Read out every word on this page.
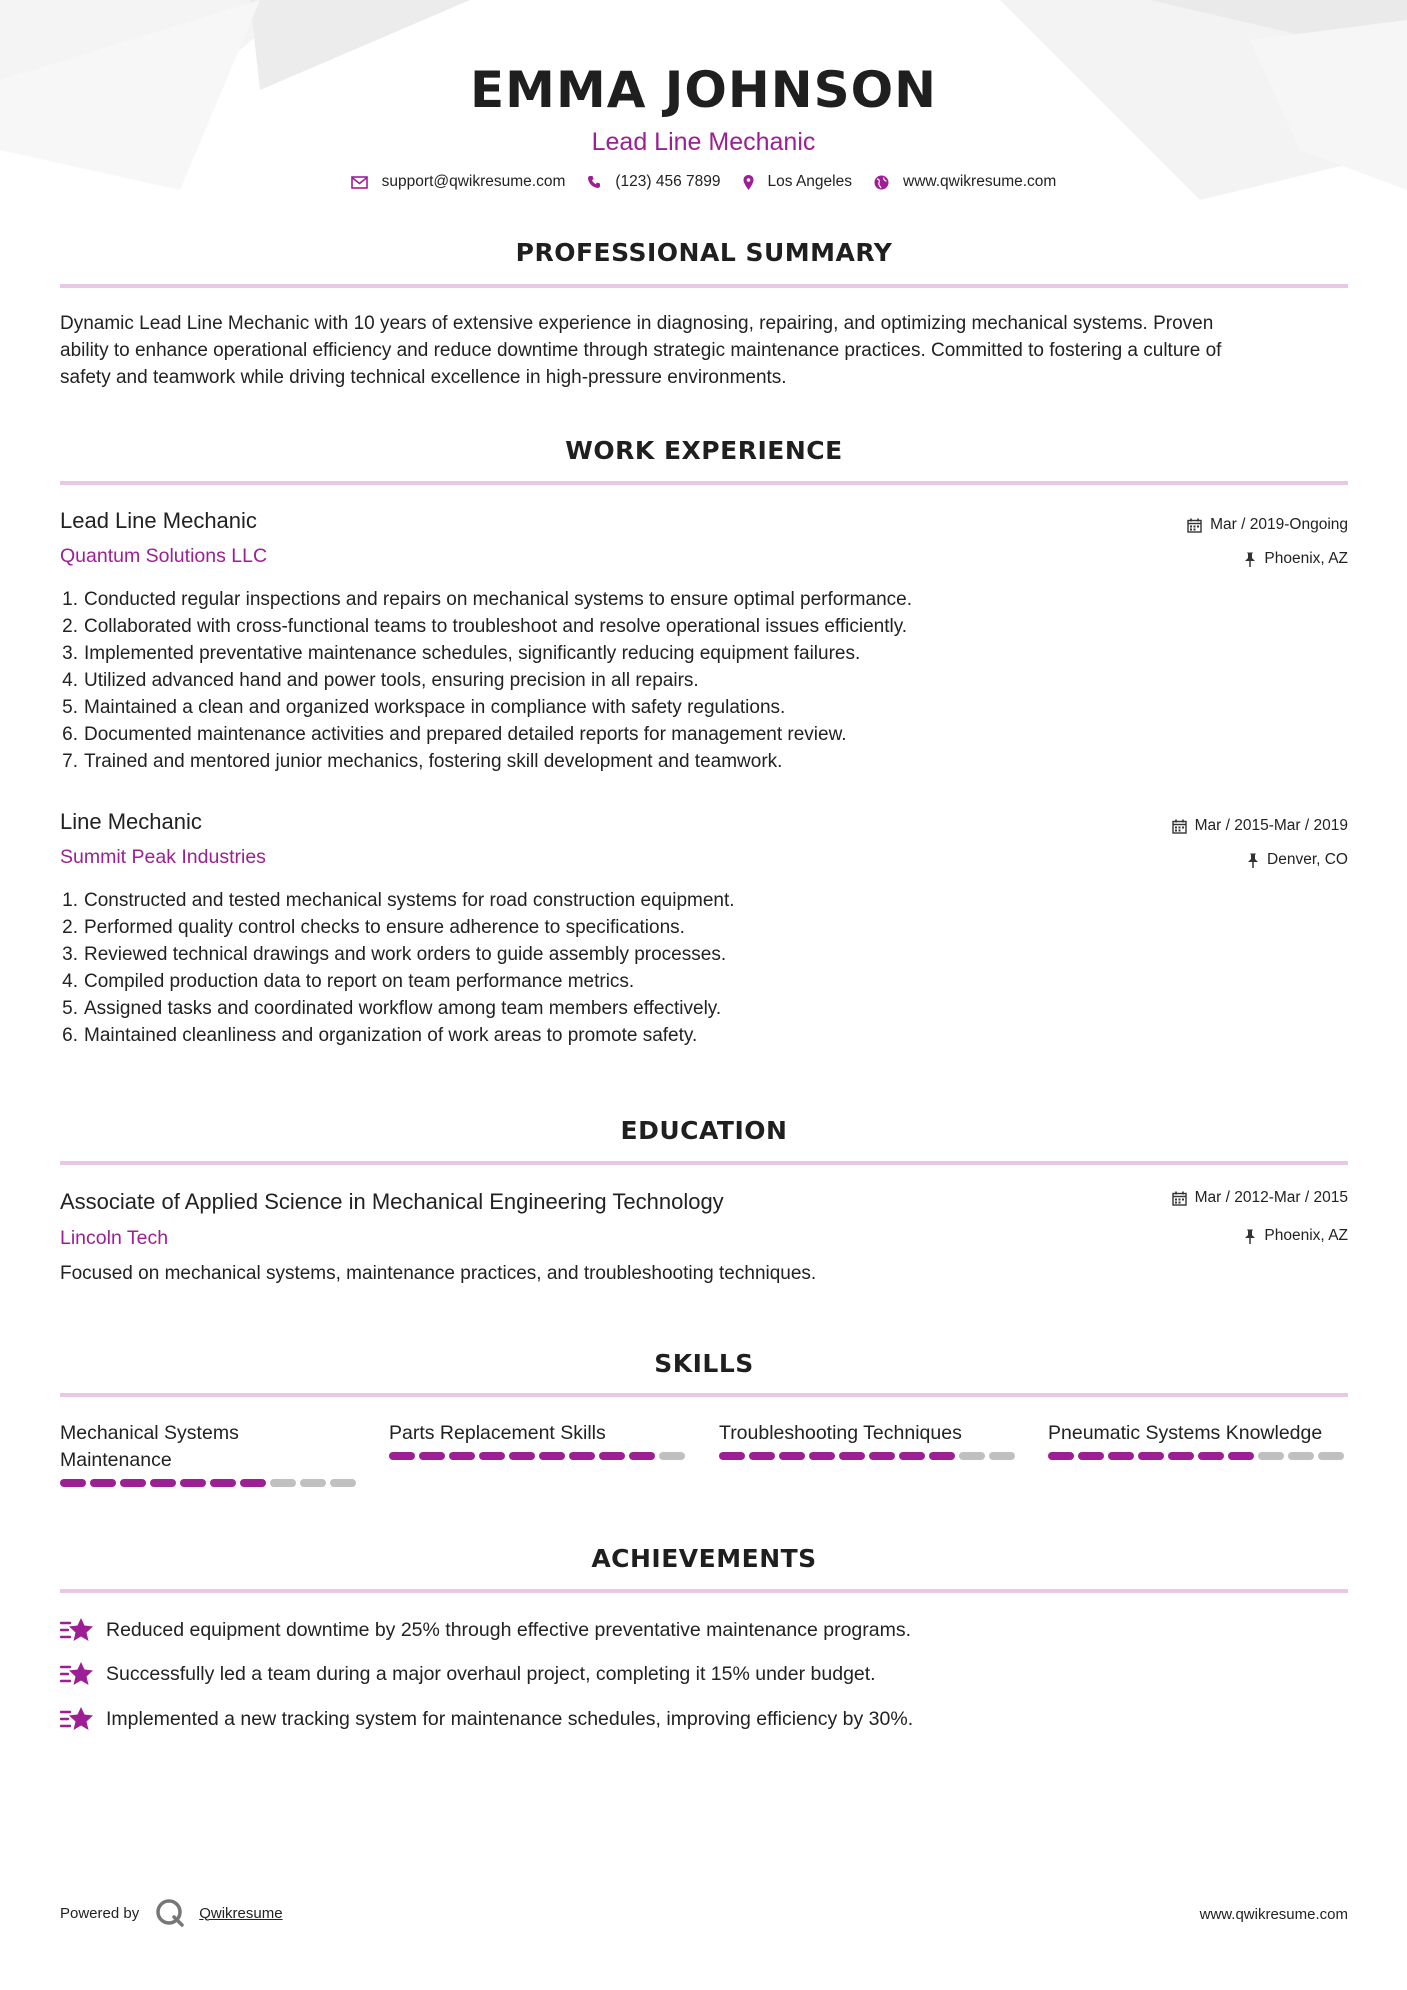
EMMA JOHNSON
Lead Line Mechanic
support@qwikresume.com	(123) 456 7899	Los Angeles	www.qwikresume.com
PROFESSIONAL SUMMARY
Dynamic Lead Line Mechanic with 10 years of extensive experience in diagnosing, repairing, and optimizing mechanical systems. Proven
ability to enhance operational efficiency and reduce downtime through strategic maintenance practices. Committed to fostering a culture of
safety and teamwork while driving technical excellence in high-pressure environments.
WORK EXPERIENCE
Lead Line Mechanic
Quantum Solutions LLC
Mar / 2019-Ongoing
Phoenix, AZ
1. Conducted regular inspections and repairs on mechanical systems to ensure optimal performance.
2. Collaborated with cross-functional teams to troubleshoot and resolve operational issues efficiently.
3. Implemented preventative maintenance schedules, significantly reducing equipment failures.
4. Utilized advanced hand and power tools, ensuring precision in all repairs.
5. Maintained a clean and organized workspace in compliance with safety regulations.
6. Documented maintenance activities and prepared detailed reports for management review.
7. Trained and mentored junior mechanics, fostering skill development and teamwork.
Line Mechanic
Summit Peak Industries
Mar / 2015-Mar / 2019
Denver, CO
1. Constructed and tested mechanical systems for road construction equipment.
2. Performed quality control checks to ensure adherence to specifications.
3. Reviewed technical drawings and work orders to guide assembly processes.
4. Compiled production data to report on team performance metrics.
5. Assigned tasks and coordinated workflow among team members effectively.
6. Maintained cleanliness and organization of work areas to promote safety.
EDUCATION
Associate of Applied Science in Mechanical Engineering Technology
Lincoln Tech
Mar / 2012-Mar / 2015
Phoenix, AZ
Focused on mechanical systems, maintenance practices, and troubleshooting techniques.
SKILLS
Mechanical Systems
Maintenance
Parts Replacement Skills	Troubleshooting Techniques	Pneumatic Systems Knowledge
ACHIEVEMENTS
Reduced equipment downtime by 25% through effective preventative maintenance programs.
Successfully led a team during a major overhaul project, completing it 15% under budget.
Implemented a new tracking system for maintenance schedules, improving efficiency by 30%.
Powered by	Qwikresume	www.qwikresume.com
